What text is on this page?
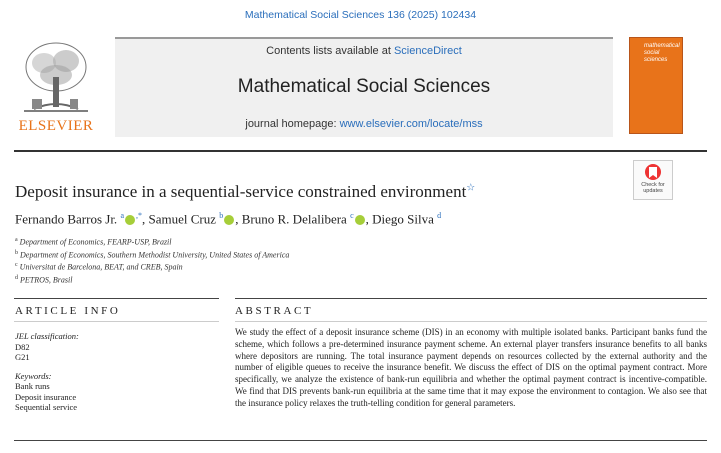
Mathematical Social Sciences 136 (2025) 102434
ELSEVIER
Contents lists available at ScienceDirect
Mathematical Social Sciences
journal homepage: www.elsevier.com/locate/mss
mathematical social sciences
Check for updates
Deposit insurance in a sequential-service constrained environment☆
Fernando Barros Jr. $^a$ ,*, Samuel Cruz $^b$ , Bruno R. Delalibera $^c$ , Diego Silva $^d$
$^a$ Department of Economics, FEARP-USP, Brazil
$^b$ Department of Economics, Southern Methodist University, United States of America
$^c$ Universitat de Barcelona, BEAT, and CREB, Spain
$^d$ PETROS, Brasil
ARTICLE INFO	ABSTRACT
JEL classification:
D82
G21
Keywords:
Bank runs
Deposit insurance
Sequential service
We study the effect of a deposit insurance scheme (DIS) in an economy with multiple isolated banks. Participant banks fund the scheme, which follows a pre-determined insurance payment scheme. An external player transfers insurance benefits to all banks where depositors are running. The total insurance payment depends on resources collected by the external authority and the number of eligible queues to receive the insurance benefit. We discuss the effect of DIS on the optimal payment contract. More specifically, we analyze the existence of bank-run equilibria and whether the optimal payment contract is incentive-compatible. We find that DIS prevents bank-run equilibria at the same time that it may expose the environment to contagion. We also see that the insurance policy relaxes the truth-telling condition for general parameters.
